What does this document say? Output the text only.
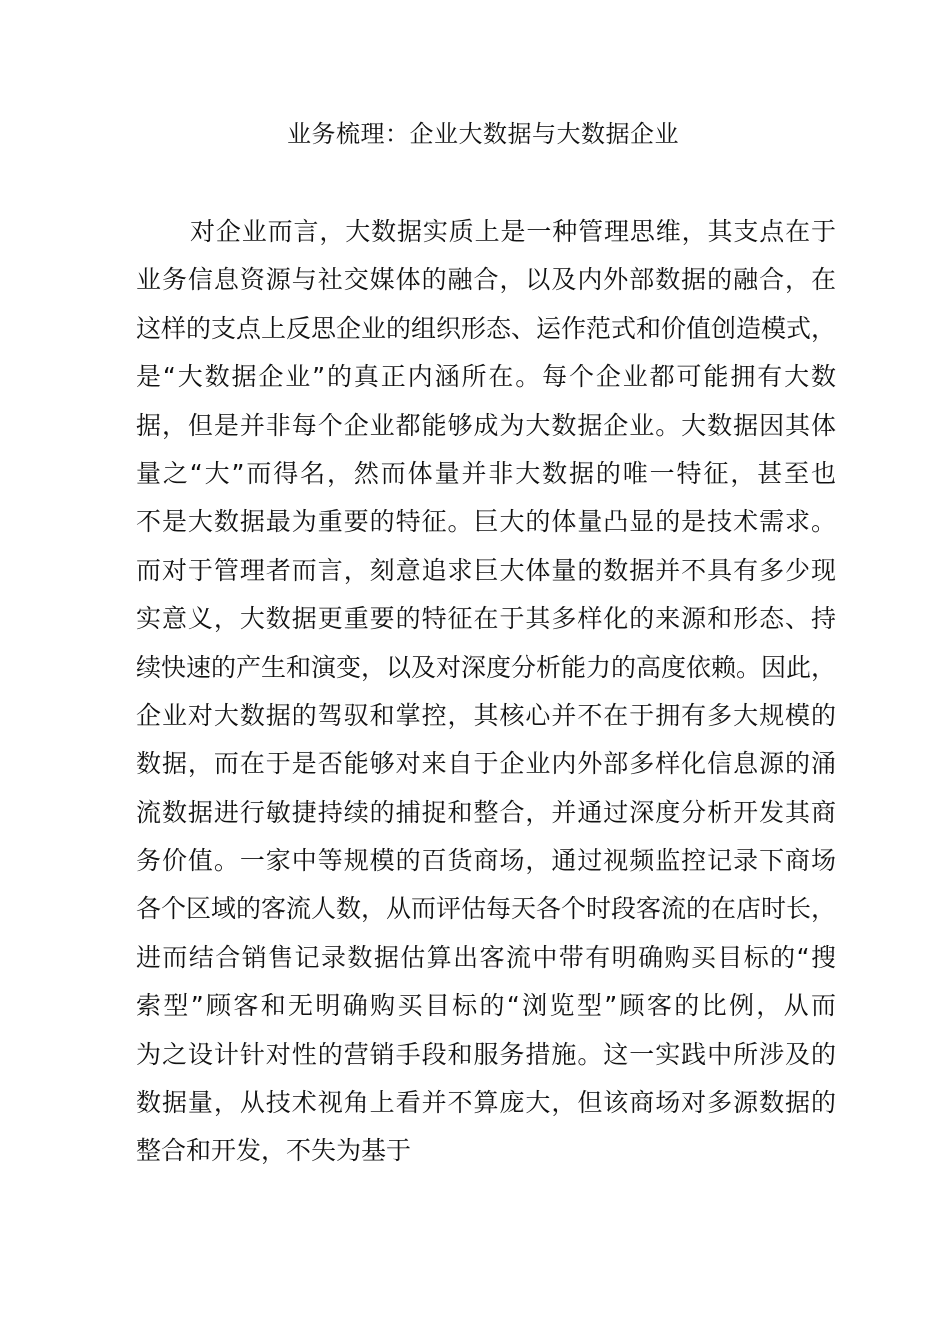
业务梳理：企业大数据与大数据企业
对企业而言，大数据实质上是一种管理思维，其支点在于
业务信息资源与社交媒体的融合，以及内外部数据的融合，在
这样的支点上反思企业的组织形态、运作范式和价值创造模式，
是“大数据企业”的真正内涵所在。每个企业都可能拥有大数
据，但是并非每个企业都能够成为大数据企业。大数据因其体
量之“大”而得名，然而体量并非大数据的唯一特征，甚至也
不是大数据最为重要的特征。巨大的体量凸显的是技术需求。
而对于管理者而言，刻意追求巨大体量的数据并不具有多少现
实意义，大数据更重要的特征在于其多样化的来源和形态、持
续快速的产生和演变，以及对深度分析能力的高度依赖。因此，
企业对大数据的驾驭和掌控，其核心并不在于拥有多大规模的
数据，而在于是否能够对来自于企业内外部多样化信息源的涌
流数据进行敏捷持续的捕捉和整合，并通过深度分析开发其商
务价值。一家中等规模的百货商场，通过视频监控记录下商场
各个区域的客流人数，从而评估每天各个时段客流的在店时长，
进而结合销售记录数据估算出客流中带有明确购买目标的“搜
索型”顾客和无明确购买目标的“浏览型”顾客的比例，从而
为之设计针对性的营销手段和服务措施。这一实践中所涉及的
数据量，从技术视角上看并不算庞大，但该商场对多源数据的
整合和开发，不失为基于
